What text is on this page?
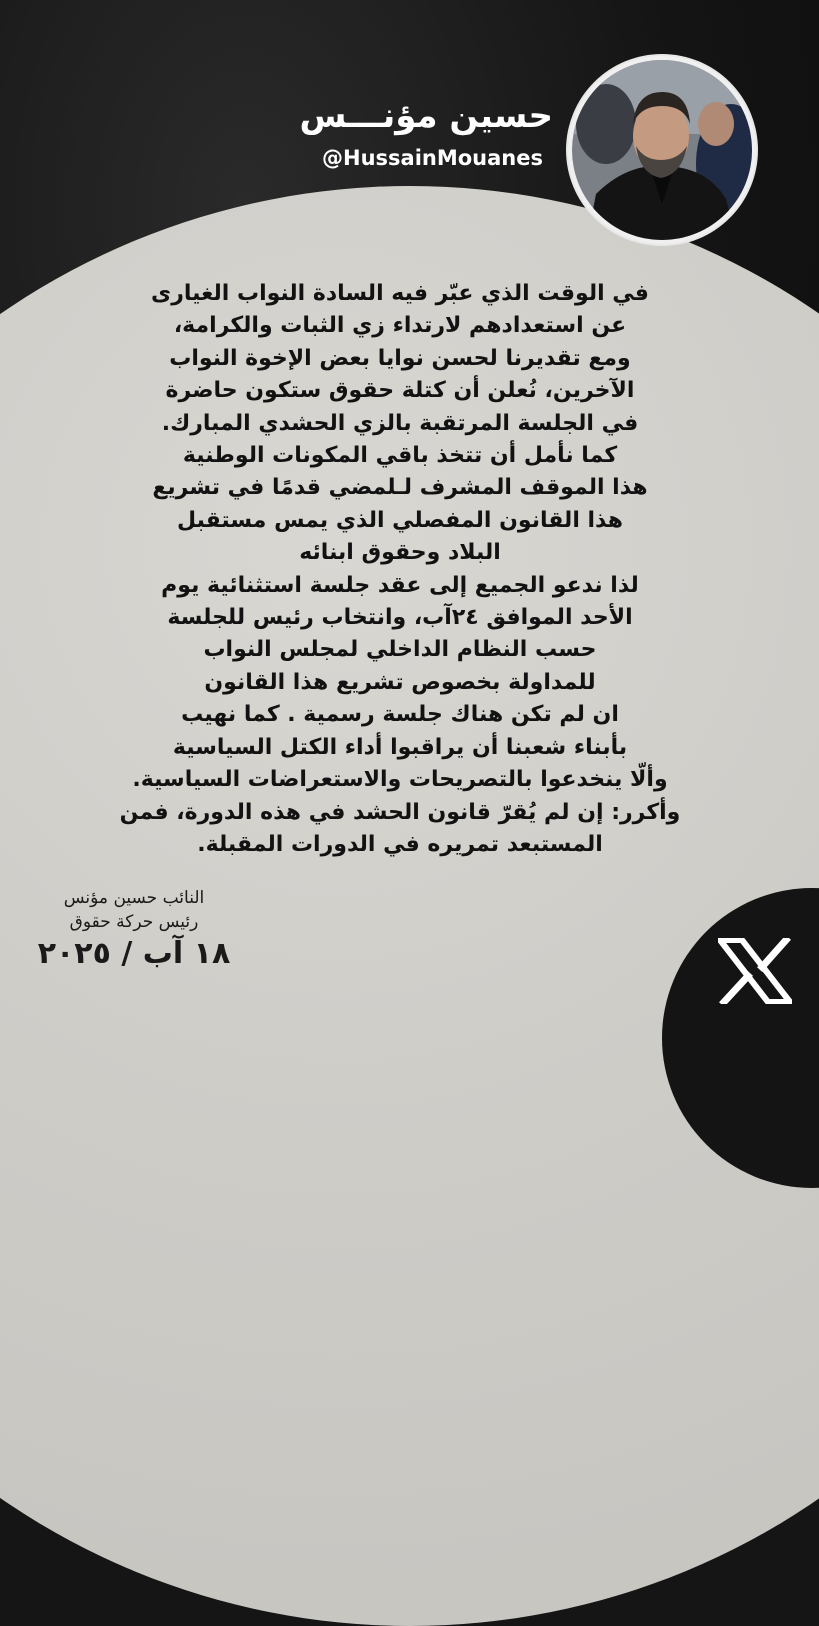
حسين مؤنـــس
@HussainMouanes
في الوقت الذي عبّر فيه السادة النواب الغيارى
عن استعدادهم لارتداء زي الثبات والكرامة،
ومع تقديرنا لحسن نوايا بعض الإخوة النواب
الآخرين، نُعلن أن كتلة حقوق ستكون حاضرة
في الجلسة المرتقبة بالزي الحشدي المبارك.
كما نأمل أن تتخذ باقي المكونات الوطنية
هذا الموقف المشرف لـلمضي قدمًا في تشريع
هذا القانون المفصلي الذي يمس مستقبل
البلاد وحقوق ابنائه
لذا ندعو الجميع إلى عقد جلسة استثنائية يوم
الأحد الموافق ٢٤آب، وانتخاب رئيس للجلسة
حسب النظام الداخلي لمجلس النواب
للمداولة بخصوص تشريع هذا القانون
ان لم تكن هناك جلسة رسمية . كما نهيب
بأبناء شعبنا أن يراقبوا أداء الكتل السياسية
وألّا ينخدعوا بالتصريحات والاستعراضات السياسية.
وأكرر: إن لم يُقرّ قانون الحشد في هذه الدورة، فمن
المستبعد تمريره في الدورات المقبلة.
النائب حسين مؤنس
رئيس حركة حقوق
١٨ آب / ٢٠٢٥
